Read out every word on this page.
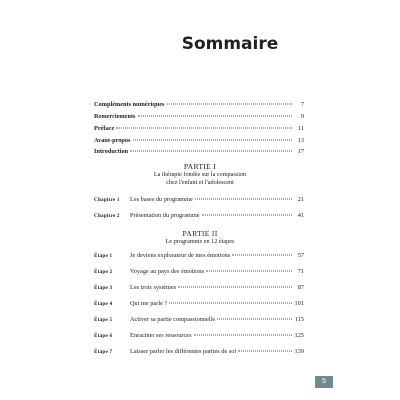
Sommaire
Compléments numériques	7
Remerciements	9
Préface	11
Avant-propos	13
Introduction	17
PARTIE I
La thérapie fondée sur la compassion
chez l'enfant et l'adolescent
Chapitre 1	Les bases du programme	21
Chapitre 2	Présentation du programme	41
PARTIE II
Le programme en 12 étapes
Étape 1	Je deviens explorateur de mes émotions	57
Étape 2	Voyage au pays des émotions	71
Étape 3	Les trois systèmes	87
Étape 4	Qui me parle ?	101
Étape 5	Activer sa partie compassionnelle	115
Étape 6	Enraciner ses ressources	125
Étape 7	Laisser parler les différentes parties de soi	139
5
